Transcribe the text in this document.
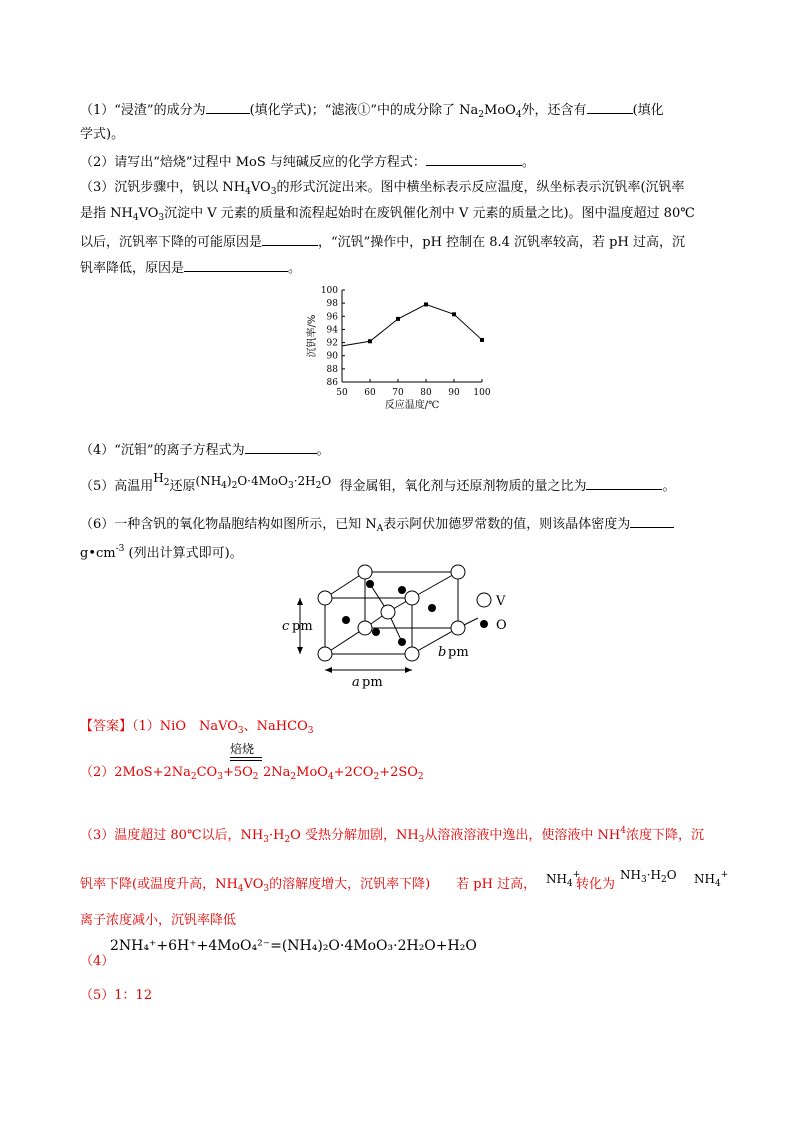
（1）“浸渣”的成分为	(填化学式)；“滤液①”中的成分除了 $Na_2MoO_4$外，还含有	(填化
学式)。
（2）请写出“焙烧”过程中 MoS 与纯碱反应的化学方程式：	。
（3）沉钒步骤中，钒以 $NH_4VO_3$的形式沉淀出来。图中横坐标表示反应温度，纵坐标表示沉钒率(沉钒率
是指 $NH_4VO_3$沉淀中 V 元素的质量和流程起始时在废钒催化剂中 V 元素的质量之比)。图中温度超过 80℃
以后，沉钒率下降的可能原因是	，“沉钒”操作中，pH 控制在 8.4 沉钒率较高，若 pH 过高，沉
钒率降低，原因是	。
86
88
90
92
94
96
98
100
50 60 70 80 90 100
反应温度/℃
沉钒率/%
（4）“沉钼”的离子方程式为	。
（5）高温用$H_2$还原$(NH_4)_2O\cdot 4MoO_3\cdot 2H_2O$ 得金属钼，氧化剂与还原剂物质的量之比为	。
（6）一种含钒的氧化物晶胞结构如图所示，已知 $N_A$表示阿伏加德罗常数的值，则该晶体密度为
$g•cm^{-3}$ (列出计算式即可)。
V
O
c pm
a pm
b pm
【答案】（1）NiO　NaVO$_3$、NaHCO$_3$
焙烧
$(2)2MoS+2Na_2CO_3+5O_2$ $2Na_2MoO_4+2CO_2+2SO_2$
（3）温度超过 80℃以后，$NH_3\cdot H_2O$ 受热分解加剧，$NH_3$从溶液溶液中逸出，使溶液中 $NH^4$浓度下降，沉
钒率下降(或温度升高，$NH_4VO_3$的溶解度增大，沉钒率下降)　　若 pH 过高， $NH_4^+$
转化为
$NH_3\cdot H_2O$ $NH_4^+$
离子浓度减小，沉钒率降低
2NH₄⁺+6H⁺+4MoO₄²⁻=(NH₄)₂O·4MoO₃·2H₂O+H₂O
（4）
（5）1：12
